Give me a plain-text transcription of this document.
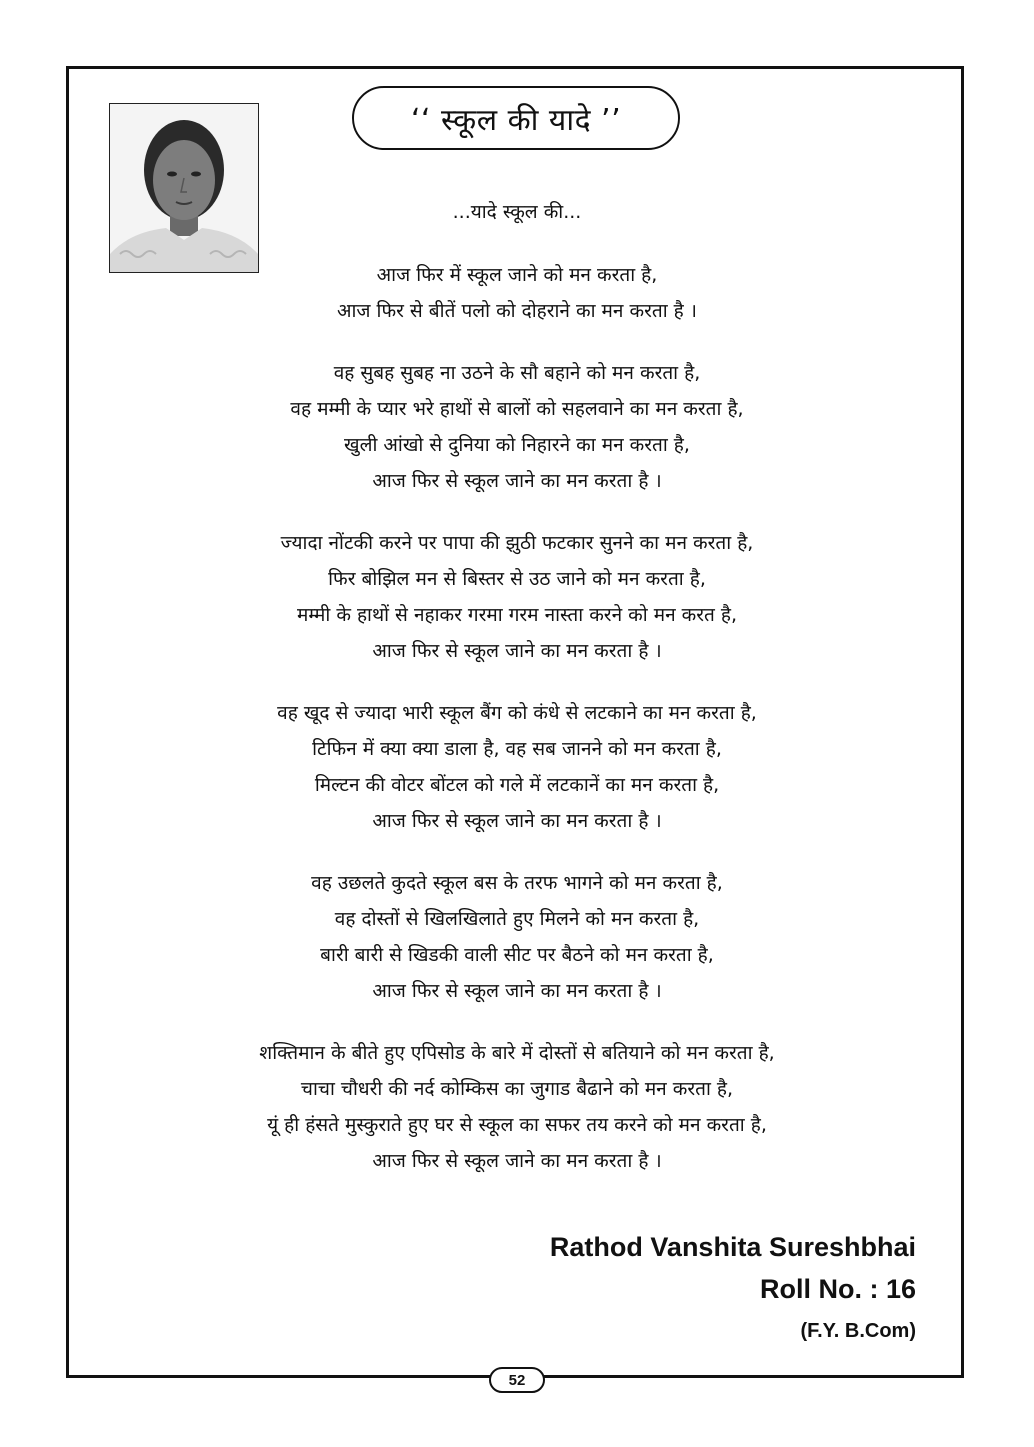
‘‘ स्कूल की यादे ’’
...यादे स्कूल की...
आज फिर में स्कूल जाने को मन करता है,
आज फिर से बीतें पलो को दोहराने का मन करता है ।
वह सुबह सुबह ना उठने के सौ बहाने को मन करता है,
वह मम्मी के प्यार भरे हाथों से बालों को सहलवाने का मन करता है,
खुली आंखो से दुनिया को निहारने का मन करता है,
आज फिर से स्कूल जाने का मन करता है ।
ज्यादा नोंटकी करने पर पापा की झुठी फटकार सुनने का मन करता है,
फिर बोझिल मन से बिस्तर से उठ जाने को मन करता है,
मम्मी के हाथों से नहाकर गरमा गरम नास्ता करने को मन करत है,
आज फिर से स्कूल जाने का मन करता है ।
वह खूद से ज्यादा भारी स्कूल बैंग को कंधे से लटकाने का मन करता है,
टिफिन में क्या क्या डाला है, वह सब जानने को मन करता है,
मिल्टन की वोटर बोंटल को गले में लटकानें का मन करता है,
आज फिर से स्कूल जाने का मन करता है ।
वह उछलते कुदते स्कूल बस के तरफ भागने को मन करता है,
वह दोस्तों से खिलखिलाते हुए मिलने को मन करता है,
बारी बारी से खिडकी वाली सीट पर बैठने को मन करता है,
आज फिर से स्कूल जाने का मन करता है ।
शक्तिमान के बीते हुए एपिसोड के बारे में दोस्तों से बतियाने को मन करता है,
चाचा चौधरी की नर्द कोम्किस का जुगाड बैढाने को मन करता है,
यूं ही हंसते मुस्कुराते हुए घर से स्कूल का सफर तय करने को मन करता है,
आज फिर से स्कूल जाने का मन करता है ।
Rathod Vanshita Sureshbhai
Roll No. : 16
(F.Y. B.Com)
52
